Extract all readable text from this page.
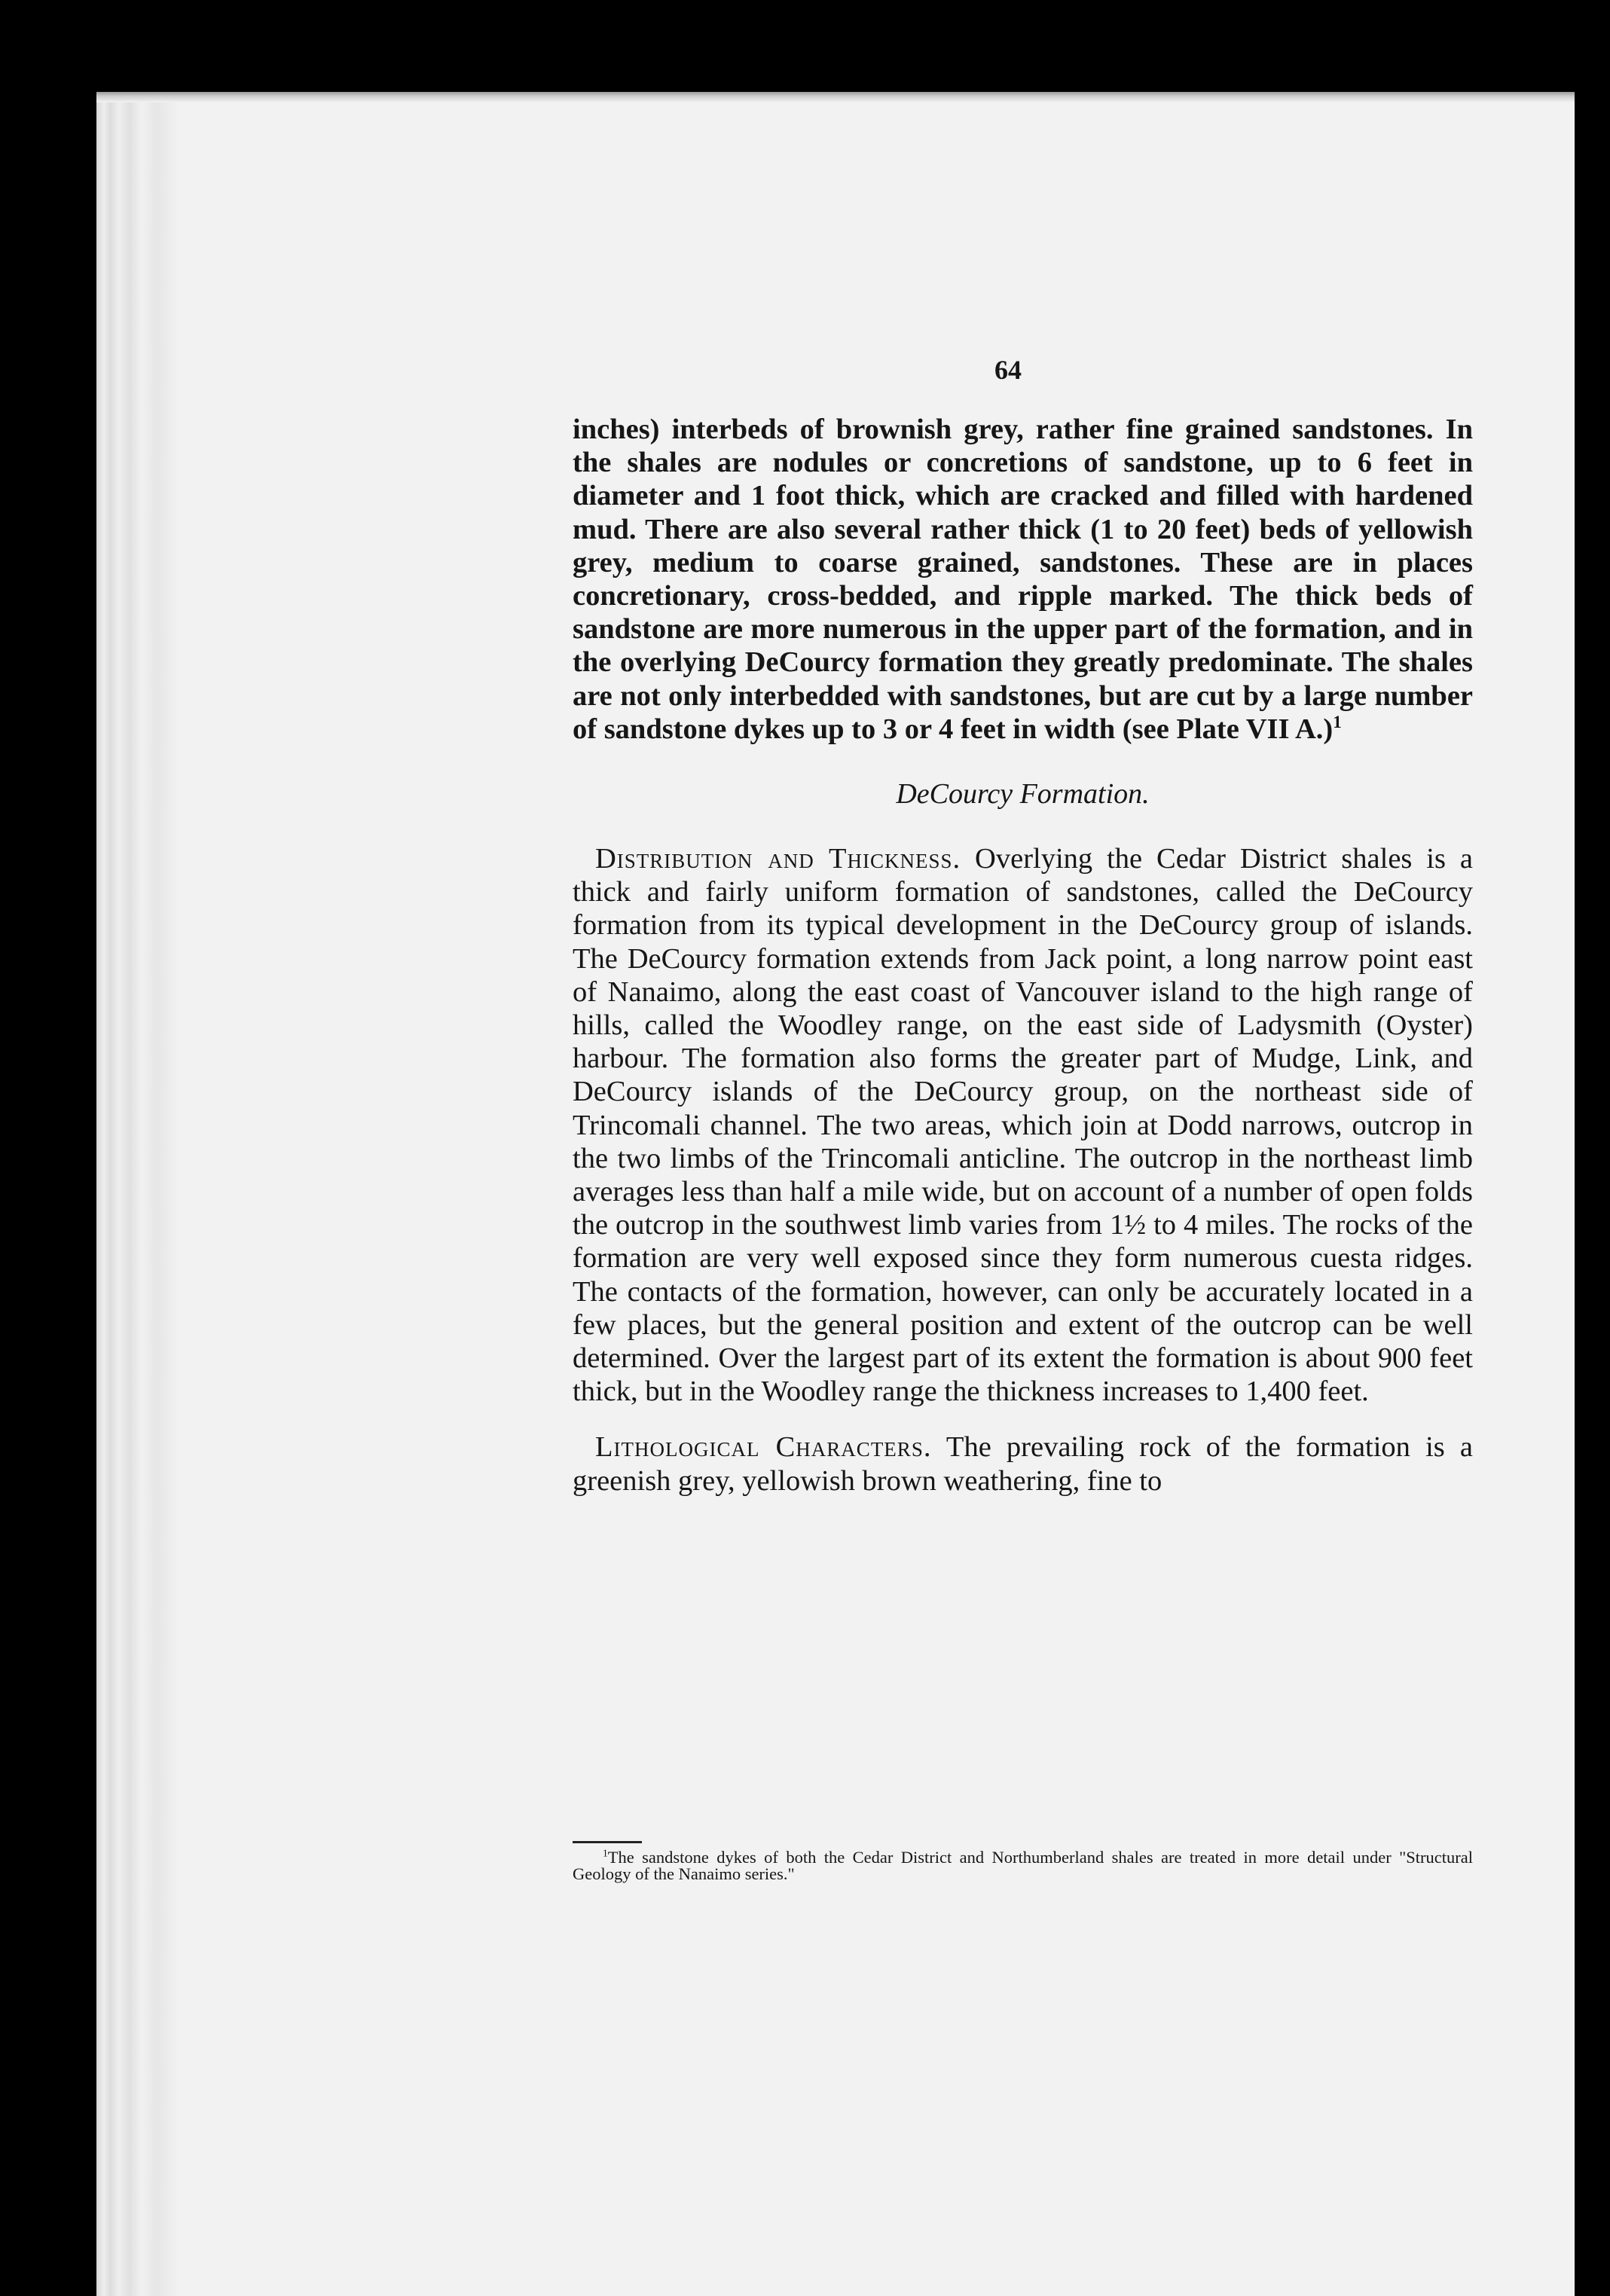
64

inches) interbeds of brownish grey, rather fine grained sandstones. In the shales are nodules or concretions of sandstone, up to 6 feet in diameter and 1 foot thick, which are cracked and filled with hardened mud. There are also several rather thick (1 to 20 feet) beds of yellowish grey, medium to coarse grained, sandstones. These are in places concretionary, cross-bedded, and ripple marked. The thick beds of sandstone are more numerous in the upper part of the formation, and in the overlying DeCourcy formation they greatly predominate. The shales are not only interbedded with sandstones, but are cut by a large number of sandstone dykes up to 3 or 4 feet in width (see Plate VII A.)$^1$

DeCourcy Formation.

Distribution and Thickness. Overlying the Cedar District shales is a thick and fairly uniform formation of sandstones, called the DeCourcy formation from its typical development in the DeCourcy group of islands. The DeCourcy formation extends from Jack point, a long narrow point east of Nanaimo, along the east coast of Vancouver island to the high range of hills, called the Woodley range, on the east side of Ladysmith (Oyster) harbour. The formation also forms the greater part of Mudge, Link, and DeCourcy islands of the DeCourcy group, on the northeast side of Trincomali channel. The two areas, which join at Dodd narrows, outcrop in the two limbs of the Trincomali anticline. The outcrop in the northeast limb averages less than half a mile wide, but on account of a number of open folds the outcrop in the southwest limb varies from 1½ to 4 miles. The rocks of the formation are very well exposed since they form numerous cuesta ridges. The contacts of the formation, however, can only be accurately located in a few places, but the general position and extent of the outcrop can be well determined. Over the largest part of its extent the formation is about 900 feet thick, but in the Woodley range the thickness increases to 1,400 feet.

Lithological Characters. The prevailing rock of the formation is a greenish grey, yellowish brown weathering, fine to

$^1$The sandstone dykes of both the Cedar District and Northumberland shales are treated in more detail under "Structural Geology of the Nanaimo series."
